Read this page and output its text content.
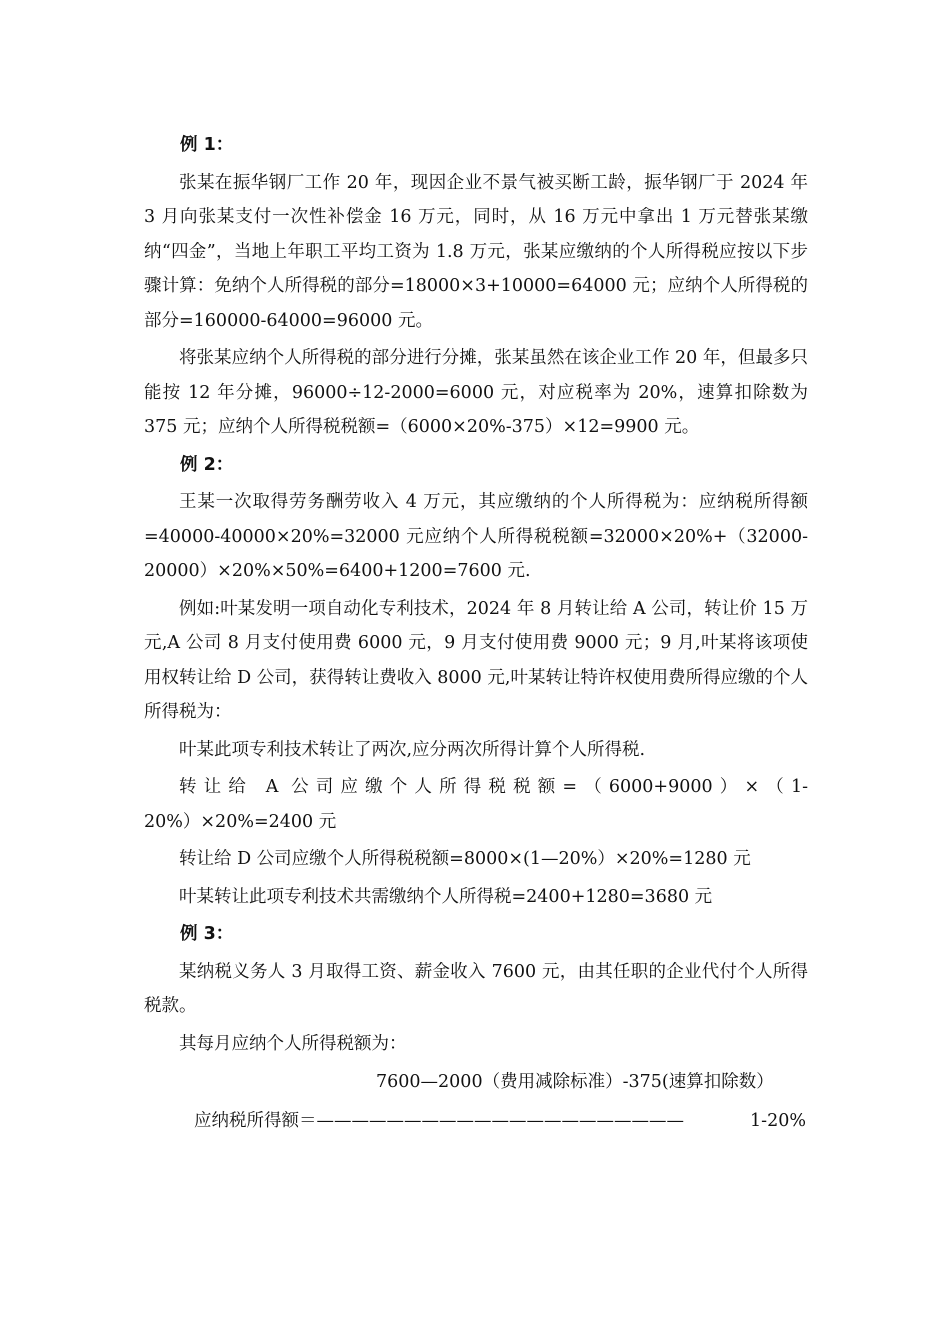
例 1：

张某在振华钢厂工作 20 年，现因企业不景气被买断工龄，振华钢厂于 2024 年 3 月向张某支付一次性补偿金 16 万元，同时，从 16 万元中拿出 1 万元替张某缴纳“四金”，当地上年职工平均工资为 1.8 万元，张某应缴纳的个人所得税应按以下步骤计算：免纳个人所得税的部分=18000×3+10000=64000 元；应纳个人所得税的部分=160000-64000=96000 元。

将张某应纳个人所得税的部分进行分摊，张某虽然在该企业工作 20 年，但最多只能按 12 年分摊，96000÷12-2000=6000 元，对应税率为 20%，速算扣除数为 375 元；应纳个人所得税税额=（6000×20%-375）×12=9900 元。

例 2：

王某一次取得劳务酬劳收入 4 万元，其应缴纳的个人所得税为：应纳税所得额=40000-40000×20%=32000 元应纳个人所得税税额=32000×20%+（32000-20000）×20%×50%=6400+1200=7600 元.

例如:叶某发明一项自动化专利技术，2024 年 8 月转让给 A 公司，转让价 15 万元,A 公司 8 月支付使用费 6000 元，9 月支付使用费 9000 元；9 月,叶某将该项使用权转让给 D 公司，获得转让费收入 8000 元,叶某转让特许权使用费所得应缴的个人所得税为：

叶某此项专利技术转让了两次,应分两次所得计算个人所得税.

转让给 A 公司应缴个人所得税税额=（6000+9000）×（1-

20%）×20%=2400 元

转让给 D 公司应缴个人所得税税额=8000×(1—20%）×20%=1280 元

叶某转让此项专利技术共需缴纳个人所得税=2400+1280=3680 元

例 3：

某纳税义务人 3 月取得工资、薪金收入 7600 元，由其任职的企业代付个人所得税款。

其每月应纳个人所得税额为：

7600—2000（费用减除标准）-375(速算扣除数）
应纳税所得额＝—————————————————————	1-20%
